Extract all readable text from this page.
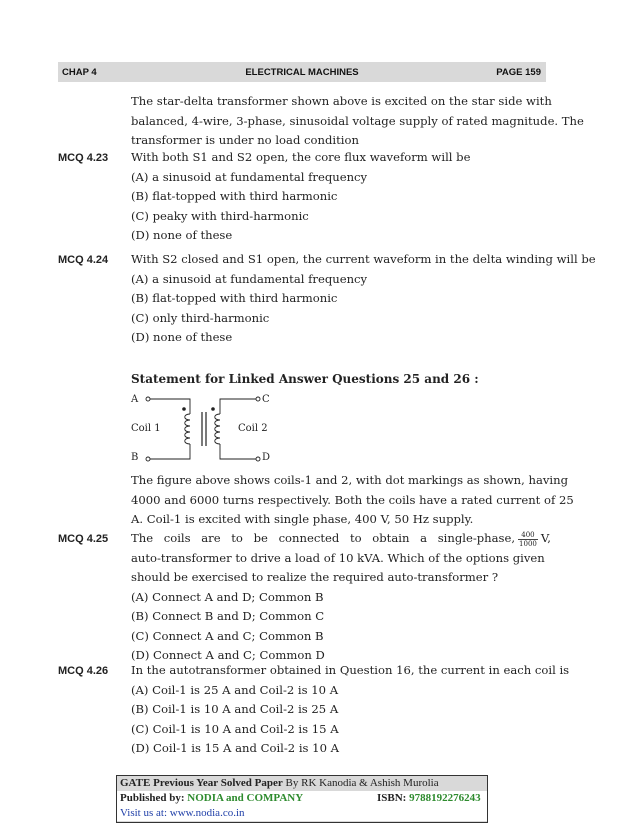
CHAP 4	ELECTRICAL MACHINES	PAGE 159
The star-delta transformer shown above is excited on the star side with
balanced, 4-wire, 3-phase, sinusoidal voltage supply of rated magnitude. The
transformer is under no load condition
MCQ 4.23 With both S1 and S2 open, the core flux waveform will be
(A) a sinusoid at fundamental frequency
(B) flat-topped with third harmonic
(C) peaky with third-harmonic
(D) none of these
MCQ 4.24 With S2 closed and S1 open, the current waveform in the delta winding will be
(A) a sinusoid at fundamental frequency
(B) flat-topped with third harmonic
(C) only third-harmonic
(D) none of these
Statement for Linked Answer Questions 25 and 26 :
A
B
C
D
Coil 1	Coil 2
The figure above shows coils-1 and 2, with dot markings as shown, having
4000 and 6000 turns respectively. Both the coils have a rated current of 25
A. Coil-1 is excited with single phase, 400 V, 50 Hz supply.
MCQ 4.25 The coils are to be connected to obtain a single-phase, $\frac{400}{1000} V$,
auto-transformer to drive a load of 10 kVA. Which of the options given
should be exercised to realize the required auto-transformer ?
(A) Connect A and D; Common B
(B) Connect B and D; Common C
(C) Connect A and C; Common B
(D) Connect A and C; Common D
MCQ 4.26 In the autotransformer obtained in Question 16, the current in each coil is
(A) Coil-1 is 25 A and Coil-2 is 10 A
(B) Coil-1 is 10 A and Coil-2 is 25 A
(C) Coil-1 is 10 A and Coil-2 is 15 A
(D) Coil-1 is 15 A and Coil-2 is 10 A
GATE Previous Year Solved Paper By RK Kanodia & Ashish Murolia
Published by: NODIA and COMPANY	ISBN: 9788192276243
Visit us at: www.nodia.co.in
